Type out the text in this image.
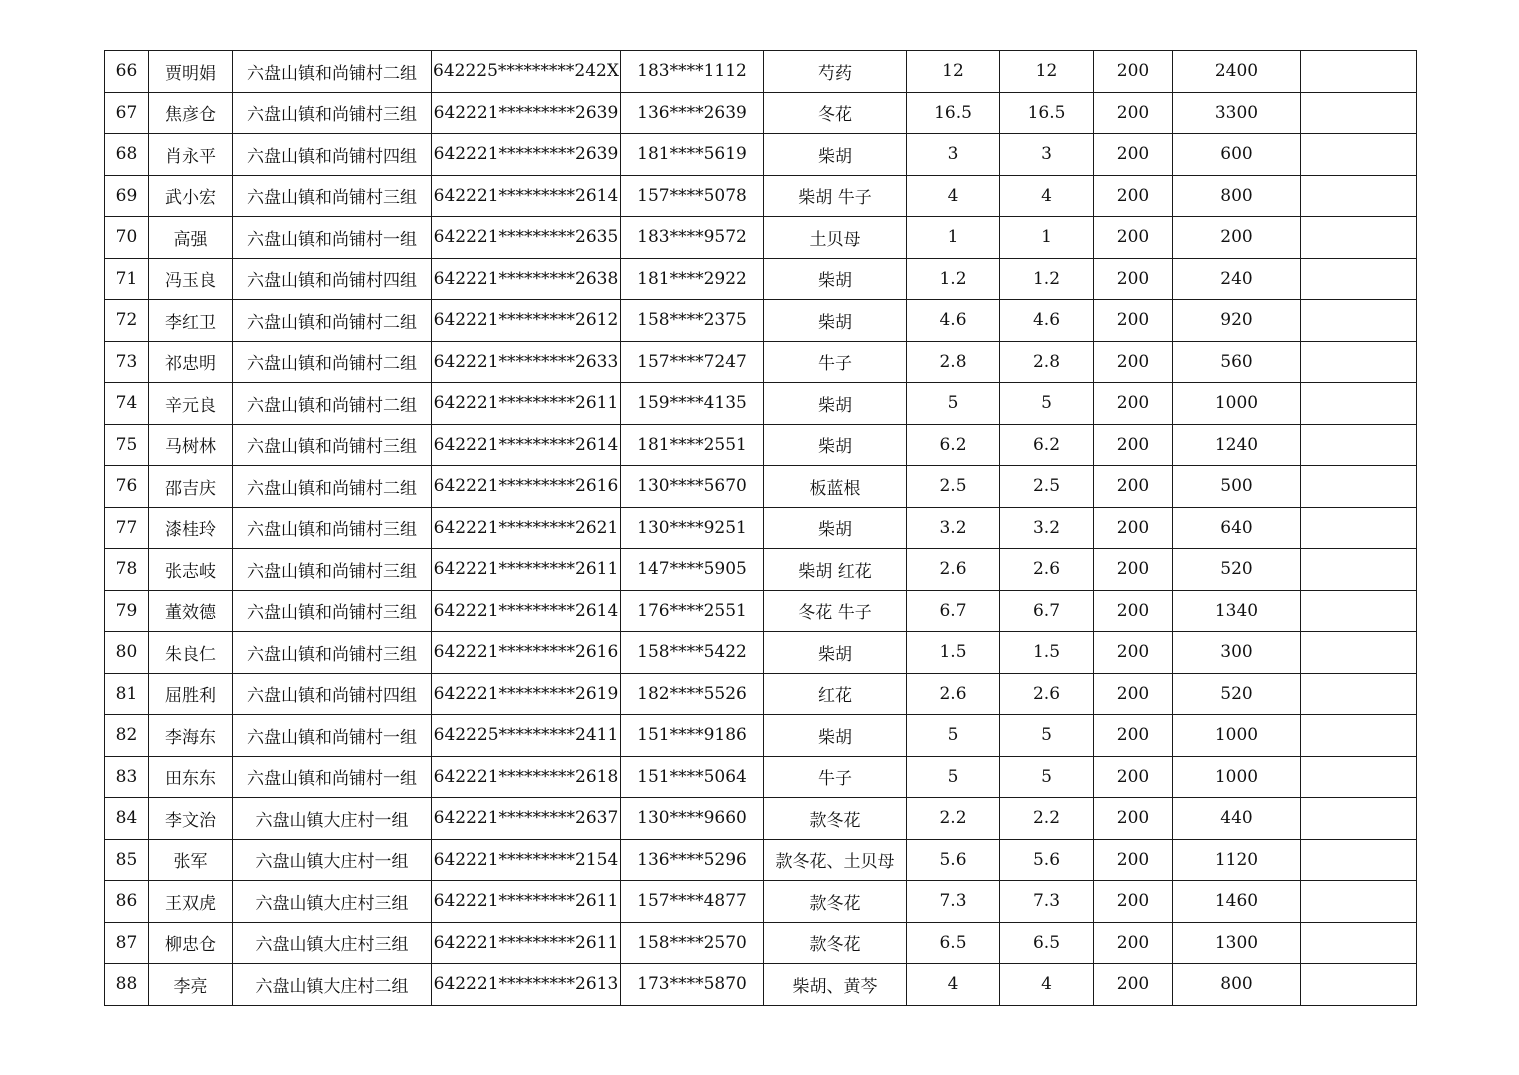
66	贾明娟	六盘山镇和尚铺村二组	642225*********242X	183****1112	芍药	12	12	200	2400	
67	焦彦仓	六盘山镇和尚铺村三组	642221*********2639	136****2639	冬花	16.5	16.5	200	3300	
68	肖永平	六盘山镇和尚铺村四组	642221*********2639	181****5619	柴胡	3	3	200	600	
69	武小宏	六盘山镇和尚铺村三组	642221*********2614	157****5078	柴胡 牛子	4	4	200	800	
70	高强	六盘山镇和尚铺村一组	642221*********2635	183****9572	土贝母	1	1	200	200	
71	冯玉良	六盘山镇和尚铺村四组	642221*********2638	181****2922	柴胡	1.2	1.2	200	240	
72	李红卫	六盘山镇和尚铺村二组	642221*********2612	158****2375	柴胡	4.6	4.6	200	920	
73	祁忠明	六盘山镇和尚铺村二组	642221*********2633	157****7247	牛子	2.8	2.8	200	560	
74	辛元良	六盘山镇和尚铺村二组	642221*********2611	159****4135	柴胡	5	5	200	1000	
75	马树林	六盘山镇和尚铺村三组	642221*********2614	181****2551	柴胡	6.2	6.2	200	1240	
76	邵吉庆	六盘山镇和尚铺村二组	642221*********2616	130****5670	板蓝根	2.5	2.5	200	500	
77	漆桂玲	六盘山镇和尚铺村三组	642221*********2621	130****9251	柴胡	3.2	3.2	200	640	
78	张志岐	六盘山镇和尚铺村三组	642221*********2611	147****5905	柴胡 红花	2.6	2.6	200	520	
79	董效德	六盘山镇和尚铺村三组	642221*********2614	176****2551	冬花 牛子	6.7	6.7	200	1340	
80	朱良仁	六盘山镇和尚铺村三组	642221*********2616	158****5422	柴胡	1.5	1.5	200	300	
81	屈胜利	六盘山镇和尚铺村四组	642221*********2619	182****5526	红花	2.6	2.6	200	520	
82	李海东	六盘山镇和尚铺村一组	642225*********2411	151****9186	柴胡	5	5	200	1000	
83	田东东	六盘山镇和尚铺村一组	642221*********2618	151****5064	牛子	5	5	200	1000	
84	李文治	六盘山镇大庄村一组	642221*********2637	130****9660	款冬花	2.2	2.2	200	440	
85	张军	六盘山镇大庄村一组	642221*********2154	136****5296	款冬花、土贝母	5.6	5.6	200	1120	
86	王双虎	六盘山镇大庄村三组	642221*********2611	157****4877	款冬花	7.3	7.3	200	1460	
87	柳忠仓	六盘山镇大庄村三组	642221*********2611	158****2570	款冬花	6.5	6.5	200	1300	
88	李亮	六盘山镇大庄村二组	642221*********2613	173****5870	柴胡、黄芩	4	4	200	800	
